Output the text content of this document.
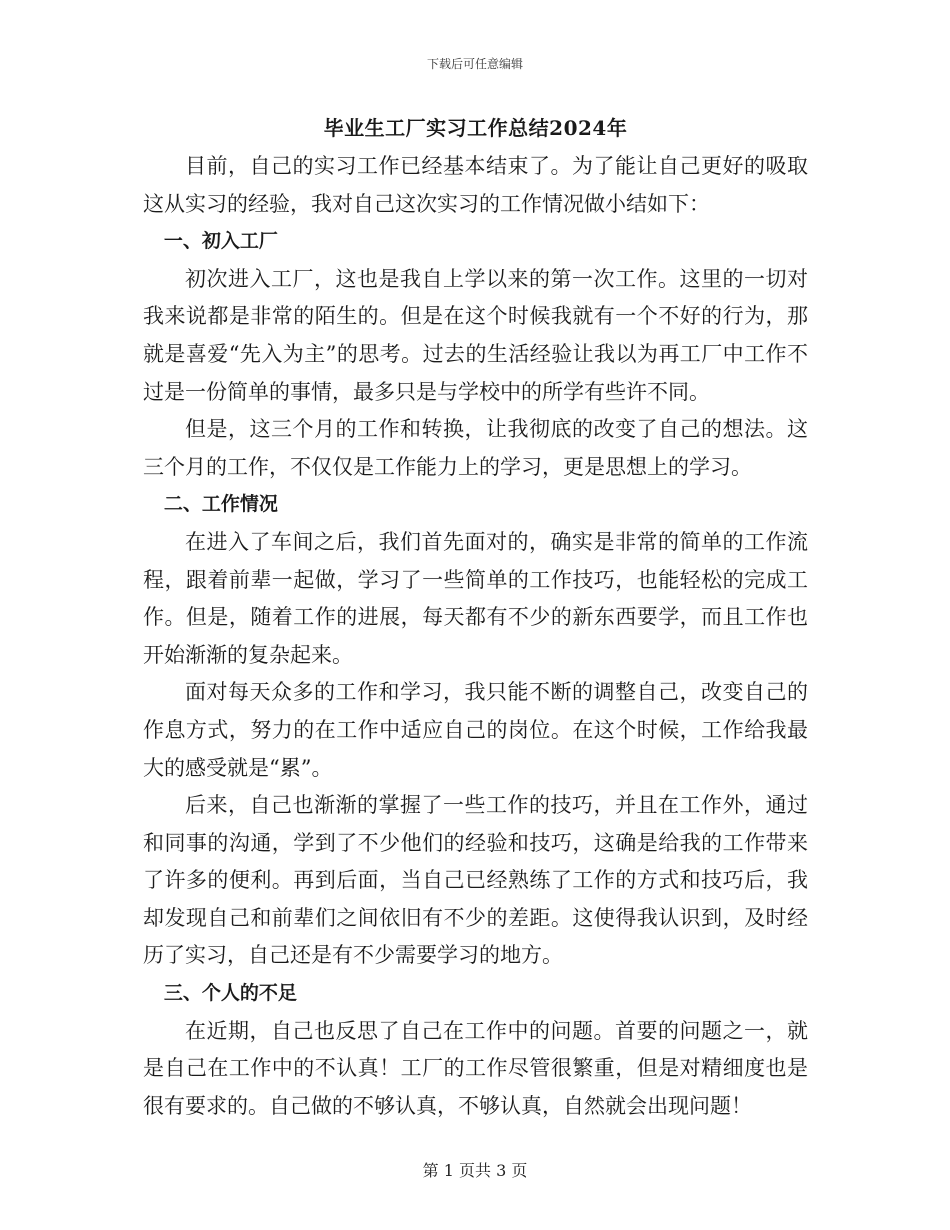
下载后可任意编辑
毕业生工厂实习工作总结2024年

目前，自己的实习工作已经基本结束了。为了能让自己更好的吸取这从实习的经验，我对自己这次实习的工作情况做小结如下：

一、初入工厂

初次进入工厂，这也是我自上学以来的第一次工作。这里的一切对我来说都是非常的陌生的。但是在这个时候我就有一个不好的行为，那就是喜爱“先入为主”的思考。过去的生活经验让我以为再工厂中工作不过是一份简单的事情，最多只是与学校中的所学有些许不同。

但是，这三个月的工作和转换，让我彻底的改变了自己的想法。这三个月的工作，不仅仅是工作能力上的学习，更是思想上的学习。

二、工作情况

在进入了车间之后，我们首先面对的，确实是非常的简单的工作流程，跟着前辈一起做，学习了一些简单的工作技巧，也能轻松的完成工作。但是，随着工作的进展，每天都有不少的新东西要学，而且工作也开始渐渐的复杂起来。

面对每天众多的工作和学习，我只能不断的调整自己，改变自己的作息方式，努力的在工作中适应自己的岗位。在这个时候，工作给我最大的感受就是“累”。

后来，自己也渐渐的掌握了一些工作的技巧，并且在工作外，通过和同事的沟通，学到了不少他们的经验和技巧，这确是给我的工作带来了许多的便利。再到后面，当自己已经熟练了工作的方式和技巧后，我却发现自己和前辈们之间依旧有不少的差距。这使得我认识到，及时经历了实习，自己还是有不少需要学习的地方。

三、个人的不足

在近期，自己也反思了自己在工作中的问题。首要的问题之一，就是自己在工作中的不认真！工厂的工作尽管很繁重，但是对精细度也是很有要求的。自己做的不够认真，不够认真，自然就会出现问题！

第 1 页共 3 页
